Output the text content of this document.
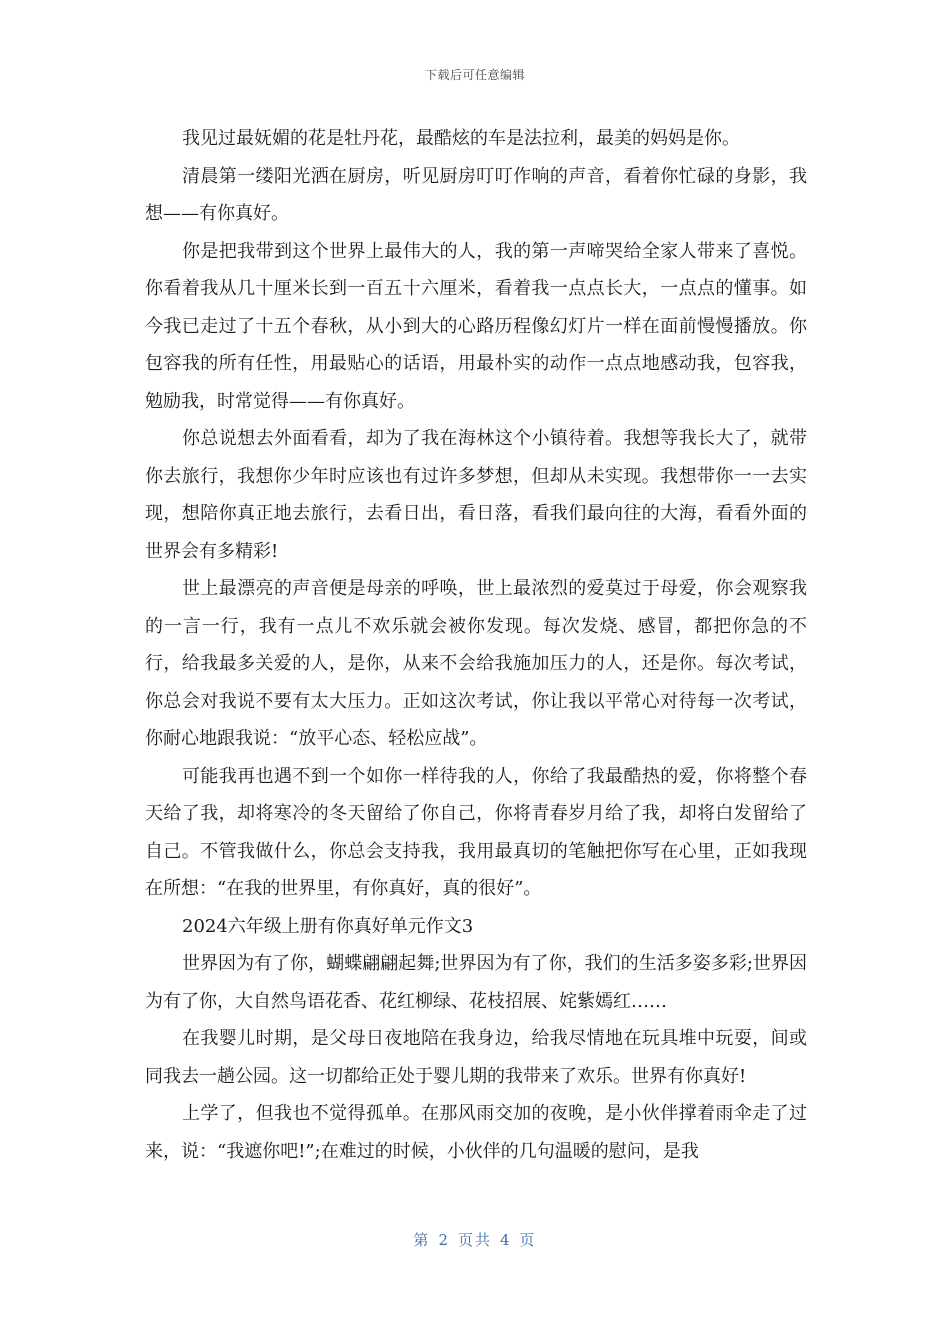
下载后可任意编辑

我见过最妩媚的花是牡丹花，最酷炫的车是法拉利，最美的妈妈是你。

清晨第一缕阳光洒在厨房，听见厨房叮叮作响的声音，看着你忙碌的身影，我想——有你真好。

你是把我带到这个世界上最伟大的人，我的第一声啼哭给全家人带来了喜悦。你看着我从几十厘米长到一百五十六厘米，看着我一点点长大，一点点的懂事。如今我已走过了十五个春秋，从小到大的心路历程像幻灯片一样在面前慢慢播放。你包容我的所有任性，用最贴心的话语，用最朴实的动作一点点地感动我，包容我，勉励我，时常觉得——有你真好。

你总说想去外面看看，却为了我在海林这个小镇待着。我想等我长大了，就带你去旅行，我想你少年时应该也有过许多梦想，但却从未实现。我想带你一一去实现，想陪你真正地去旅行，去看日出，看日落，看我们最向往的大海，看看外面的世界会有多精彩!

世上最漂亮的声音便是母亲的呼唤，世上最浓烈的爱莫过于母爱，你会观察我的一言一行，我有一点儿不欢乐就会被你发现。每次发烧、感冒，都把你急的不行，给我最多关爱的人，是你，从来不会给我施加压力的人，还是你。每次考试，你总会对我说不要有太大压力。正如这次考试，你让我以平常心对待每一次考试，你耐心地跟我说：“放平心态、轻松应战”。

可能我再也遇不到一个如你一样待我的人，你给了我最酷热的爱，你将整个春天给了我，却将寒冷的冬天留给了你自己，你将青春岁月给了我，却将白发留给了自己。不管我做什么，你总会支持我，我用最真切的笔触把你写在心里，正如我现在所想：“在我的世界里，有你真好，真的很好”。

2024六年级上册有你真好单元作文3

世界因为有了你，蝴蝶翩翩起舞;世界因为有了你，我们的生活多姿多彩;世界因为有了你，大自然鸟语花香、花红柳绿、花枝招展、姹紫嫣红……

在我婴儿时期，是父母日夜地陪在我身边，给我尽情地在玩具堆中玩耍，间或同我去一趟公园。这一切都给正处于婴儿期的我带来了欢乐。世界有你真好!

上学了，但我也不觉得孤单。在那风雨交加的夜晚，是小伙伴撑着雨伞走了过来，说：“我遮你吧!”;在难过的时候，小伙伴的几句温暖的慰问，是我

第 2 页共 4 页
